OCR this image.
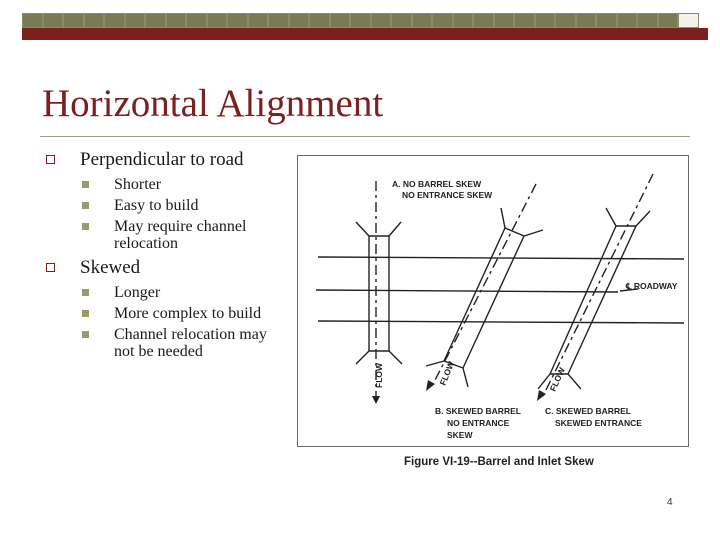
Horizontal Alignment
Perpendicular to road
Shorter
Easy to build
May require channel relocation
Skewed
Longer
More complex to build
Channel relocation may not be needed
A. NO BARREL SKEW
NO ENTRANCE SKEW
℄ ROADWAY
FLOW	FLOW	FLOW
B. SKEWED BARREL
NO ENTRANCE
SKEW
C. SKEWED BARREL
SKEWED ENTRANCE
Figure VI-19--Barrel and Inlet Skew
4
